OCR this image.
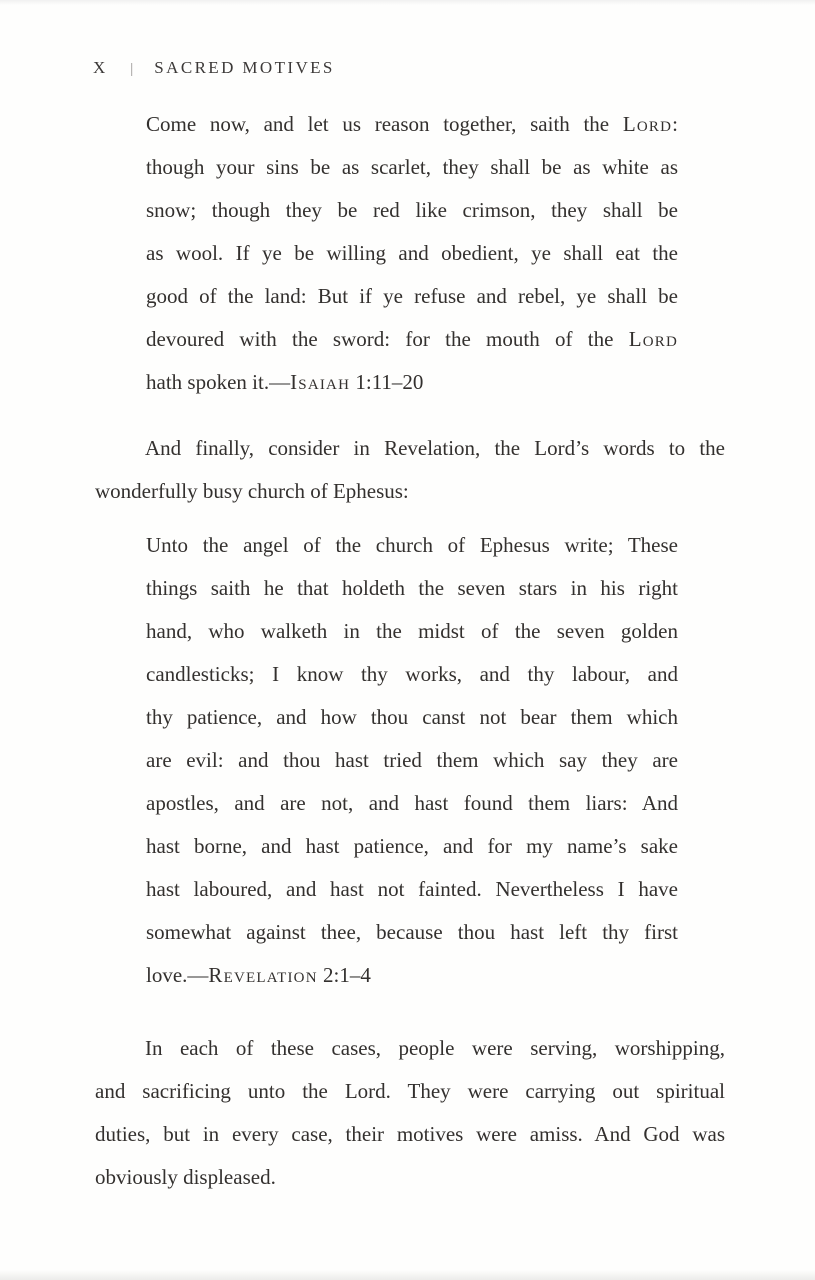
X | SACRED MOTIVES
Come now, and let us reason together, saith the Lord:
though your sins be as scarlet, they shall be as white as
snow; though they be red like crimson, they shall be
as wool. If ye be willing and obedient, ye shall eat the
good of the land: But if ye refuse and rebel, ye shall be
devoured with the sword: for the mouth of the Lord
hath spoken it.—Isaiah 1:11–20
And finally, consider in Revelation, the Lord’s words to the
wonderfully busy church of Ephesus:
Unto the angel of the church of Ephesus write; These
things saith he that holdeth the seven stars in his right
hand, who walketh in the midst of the seven golden
candlesticks; I know thy works, and thy labour, and
thy patience, and how thou canst not bear them which
are evil: and thou hast tried them which say they are
apostles, and are not, and hast found them liars: And
hast borne, and hast patience, and for my name’s sake
hast laboured, and hast not fainted. Nevertheless I have
somewhat against thee, because thou hast left thy first
love.—Revelation 2:1–4
In each of these cases, people were serving, worshipping,
and sacrificing unto the Lord. They were carrying out spiritual
duties, but in every case, their motives were amiss. And God was
obviously displeased.
